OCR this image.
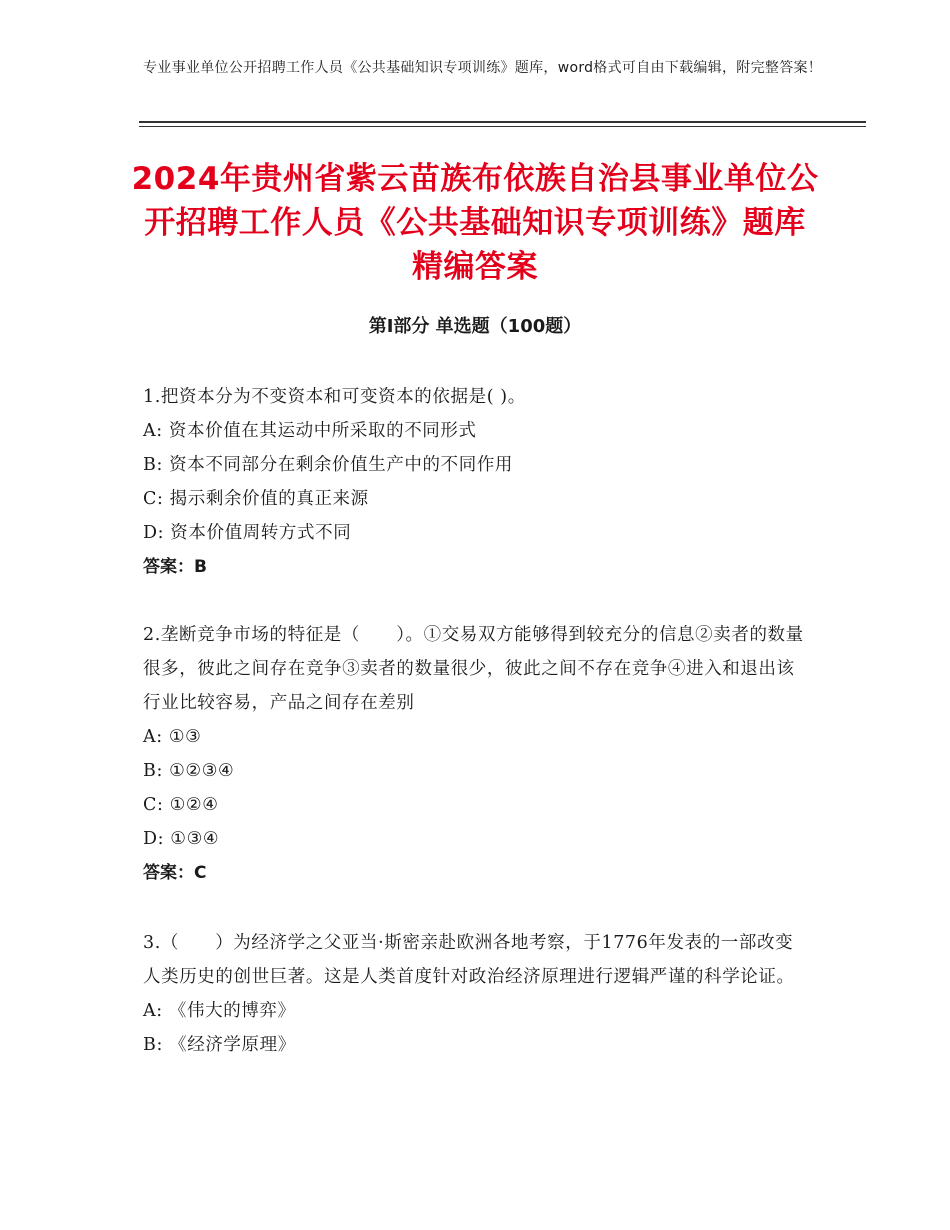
专业事业单位公开招聘工作人员《公共基础知识专项训练》题库，word格式可自由下载编辑，附完整答案！
2024年贵州省紫云苗族布依族自治县事业单位公开招聘工作人员《公共基础知识专项训练》题库精编答案
第Ⅰ部分 单选题（100题）
1.把资本分为不变资本和可变资本的依据是( )。
A: 资本价值在其运动中所采取的不同形式
B: 资本不同部分在剩余价值生产中的不同作用
C: 揭示剩余价值的真正来源
D: 资本价值周转方式不同
答案：B
2.垄断竞争市场的特征是（　　）。①交易双方能够得到较充分的信息②卖者的数量很多，彼此之间存在竞争③卖者的数量很少，彼此之间不存在竞争④进入和退出该行业比较容易，产品之间存在差别
A: ①③
B: ①②③④
C: ①②④
D: ①③④
答案：C
3.（　　）为经济学之父亚当·斯密亲赴欧洲各地考察，于1776年发表的一部改变人类历史的创世巨著。这是人类首度针对政治经济原理进行逻辑严谨的科学论证。
A: 《伟大的博弈》
B: 《经济学原理》
